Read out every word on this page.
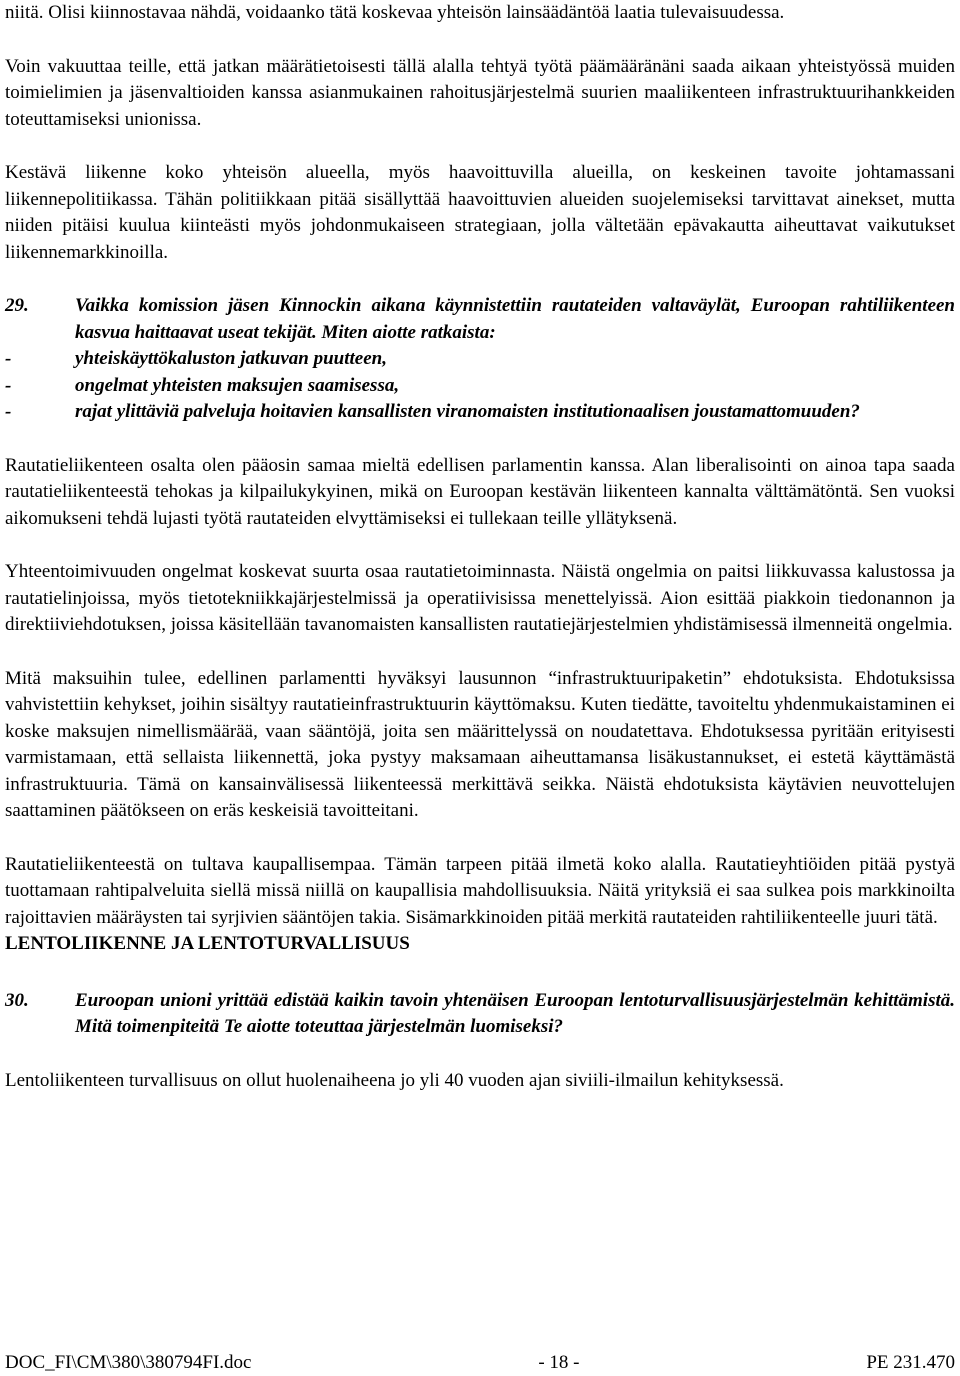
niitä. Olisi kiinnostavaa nähdä, voidaanko tätä koskevaa yhteisön lainsäädäntöä laatia tulevaisuudessa.

Voin vakuuttaa teille, että jatkan määrätietoisesti tällä alalla tehtyä työtä päämääränäni saada aikaan yhteistyössä muiden toimielimien ja jäsenvaltioiden kanssa asianmukainen rahoitusjärjestelmä suurien maaliikenteen infrastruktuurihankkeiden toteuttamiseksi unionissa.

Kestävä liikenne koko yhteisön alueella, myös haavoittuvilla alueilla, on keskeinen tavoite johtamassani liikennepolitiikassa. Tähän politiikkaan pitää sisällyttää haavoittuvien alueiden suojelemiseksi tarvittavat ainekset, mutta niiden pitäisi kuulua kiinteästi myös johdonmukaiseen strategiaan, jolla vältetään epävakautta aiheuttavat vaikutukset liikennemarkkinoilla.

29.	Vaikka komission jäsen Kinnockin aikana käynnistettiin rautateiden valtaväylät, Euroopan rahtiliikenteen kasvua haittaavat useat tekijät. Miten aiotte ratkaista:
-	yhteiskäyttökaluston jatkuvan puutteen,
-	ongelmat yhteisten maksujen saamisessa,
-	rajat ylittäviä palveluja hoitavien kansallisten viranomaisten institutionaalisen joustamattomuuden?

Rautatieliikenteen osalta olen pääosin samaa mieltä edellisen parlamentin kanssa. Alan liberalisointi on ainoa tapa saada rautatieliikenteestä tehokas ja kilpailukykyinen, mikä on Euroopan kestävän liikenteen kannalta välttämätöntä. Sen vuoksi aikomukseni tehdä lujasti työtä rautateiden elvyttämiseksi ei tullekaan teille yllätyksenä.

Yhteentoimivuuden ongelmat koskevat suurta osaa rautatietoiminnasta. Näistä ongelmia on paitsi liikkuvassa kalustossa ja rautatielinjoissa, myös tietotekniikkajärjestelmissä ja operatiivisissa menettelyissä. Aion esittää piakkoin tiedonannon ja direktiiviehdotuksen, joissa käsitellään tavanomaisten kansallisten rautatiejärjestelmien yhdistämisessä ilmenneitä ongelmia.

Mitä maksuihin tulee, edellinen parlamentti hyväksyi lausunnon “infrastruktuuripaketin” ehdotuksista. Ehdotuksissa vahvistettiin kehykset, joihin sisältyy rautatieinfrastruktuurin käyttömaksu. Kuten tiedätte, tavoiteltu yhdenmukaistaminen ei koske maksujen nimellismäärää, vaan sääntöjä, joita sen määrittelyssä on noudatettava. Ehdotuksessa pyritään erityisesti varmistamaan, että sellaista liikennettä, joka pystyy maksamaan aiheuttamansa lisäkustannukset, ei estetä käyttämästä infrastruktuuria. Tämä on kansainvälisessä liikenteessä merkittävä seikka. Näistä ehdotuksista käytävien neuvottelujen saattaminen päätökseen on eräs keskeisiä tavoitteitani.

Rautatieliikenteestä on tultava kaupallisempaa. Tämän tarpeen pitää ilmetä koko alalla. Rautatieyhtiöiden pitää pystyä tuottamaan rahtipalveluita siellä missä niillä on kaupallisia mahdollisuuksia. Näitä yrityksiä ei saa sulkea pois markkinoilta rajoittavien määräysten tai syrjivien sääntöjen takia. Sisämarkkinoiden pitää merkitä rautateiden rahtiliikenteelle juuri tätä.

LENTOLIIKENNE JA LENTOTURVALLISUUS

30.	Euroopan unioni yrittää edistää kaikin tavoin yhtenäisen Euroopan lentoturvallisuusjärjestelmän kehittämistä. Mitä toimenpiteitä Te aiotte toteuttaa järjestelmän luomiseksi?

Lentoliikenteen turvallisuus on ollut huolenaiheena jo yli 40 vuoden ajan siviili-ilmailun kehityksessä.

DOC_FI\CM\380\380794FI.doc	- 18 -	PE 231.470
